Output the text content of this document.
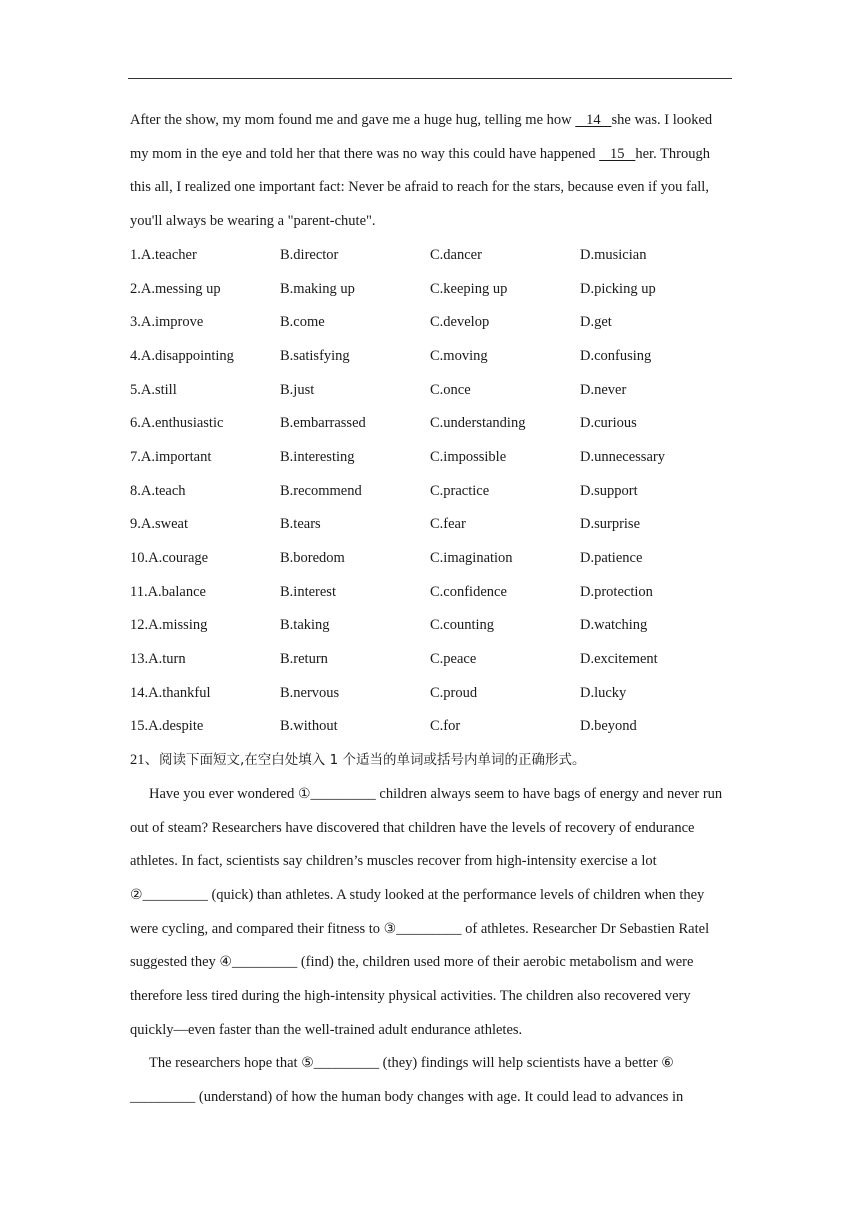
After the show, my mom found me and gave me a huge hug, telling me how    14   she was. I looked my mom in the eye and told her that there was no way this could have happened    15   her. Through this all, I realized one important fact: Never be afraid to reach for the stars, because even if you fall, you'll always be wearing a "parent-chute".

1.A.teacher	B.director	C.dancer	D.musician
2.A.messing up	B.making up	C.keeping up	D.picking up
3.A.improve	B.come	C.develop	D.get
4.A.disappointing	B.satisfying	C.moving	D.confusing
5.A.still	B.just	C.once	D.never
6.A.enthusiastic	B.embarrassed	C.understanding	D.curious
7.A.important	B.interesting	C.impossible	D.unnecessary
8.A.teach	B.recommend	C.practice	D.support
9.A.sweat	B.tears	C.fear	D.surprise
10.A.courage	B.boredom	C.imagination	D.patience
11.A.balance	B.interest	C.confidence	D.protection
12.A.missing	B.taking	C.counting	D.watching
13.A.turn	B.return	C.peace	D.excitement
14.A.thankful	B.nervous	C.proud	D.lucky
15.A.despite	B.without	C.for	D.beyond

21、阅读下面短文,在空白处填入 1 个适当的单词或括号内单词的正确形式。

Have you ever wondered ①_________ children always seem to have bags of energy and never run out of steam? Researchers have discovered that children have the levels of recovery of endurance athletes. In fact, scientists say children’s muscles recover from high-intensity exercise a lot ②_________ (quick) than athletes. A study looked at the performance levels of children when they were cycling, and compared their fitness to ③_________ of athletes. Researcher Dr Sebastien Ratel suggested they ④_________ (find) the, children used more of their aerobic metabolism and were therefore less tired during the high-intensity physical activities. The children also recovered very quickly—even faster than the well-trained adult endurance athletes.

The researchers hope that ⑤_________ (they) findings will help scientists have a better ⑥ _________ (understand) of how the human body changes with age. It could lead to advances in
